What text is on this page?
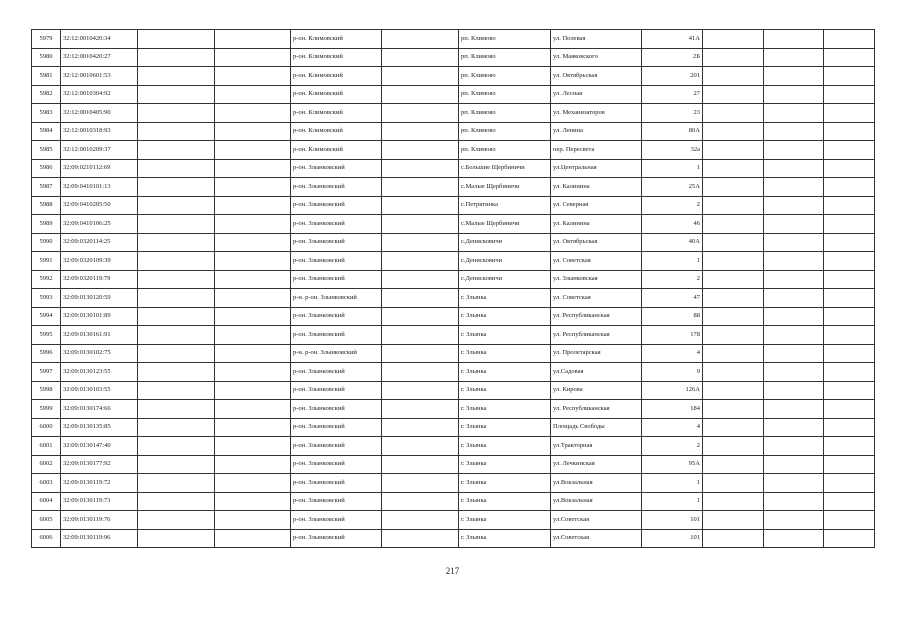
5979	32:12:0010420:34			р-он. Климовский		рп. Климово	ул. Полевая	41А			
5980	32:12:0010420:27			р-он. Климовский		рп. Климово	ул. Маяковского	2Б			
5981	32:12:0010601:53			р-он. Климовский		рп. Климово	ул. Октябрьская	201			
5982	32:12:0010304:92			р-он. Климовский		рп. Климово	ул. Лесная	27			
5983	32:12:0010405:90			р-он. Климовский		рп. Климово	ул. Механизаторов	23			
5984	32:12:0010318:93			р-он. Климовский		рп. Климово	ул. Ленина	80А			
5985	32:12:0010209:37			р-он. Климовский		рп. Климово	пер. Пересвета	32а			
5986	32:09:0210112:69			р-он. Злынковский		с.Большие Щербиничи	ул.Центральная	1			
5987	32:09:0410101:13			р-он. Злынковский		с.Малые Щербиничи	ул. Калинина	25А			
5988	32:09:0410205:50			р-он. Злынковский		с.Петрятинка	ул. Северная	2			
5989	32:09:0410106:25			р-он. Злынковский		с.Малые Щербиничи	ул. Калинина	46			
5990	32:09:0320114:25			р-он. Злынковский		с.Денисковичи	ул. Октябрьская	40А			
5991	32:09:0320109:39			р-он. Злынковский		с.Денисковичи	ул. Советская	1			
5992	32:09:0320119:79			р-он. Злынковский		с.Денисковичи	ул. Злынковская	2			
5993	32:09:0130120:59			р-н. р-он. Злынковский		г. Злынка	ул. Советская	47			
5994	32:09:0130101:89			р-он. Злынковский		г. Злынка	ул. Республиканская	88			
5995	32:09:0130161:91			р-он. Злынковский		г. Злынка	ул. Республиканская	178			
5996	32:09:0130102:75			р-н. р-он. Злынковский		г. Злынка	ул. Пролетарская	4			
5997	32:09:0130123:55			р-он. Злынковский		г. Злынка	ул.Садовая	9			
5998	32:09:0130103:55			р-он. Злынковский		г. Злынка	ул. Кирова	126А			
5999	32:09:0130174:66			р-он. Злынковский		г. Злынка	ул. Республиканская	184			
6000	32:09:0130135:85			р-он. Злынковский		г. Злынка	Площадь Свободы	4			
6001	32:09:0130147:40			р-он. Злынковский		г. Злынка	ул.Тракторная	2			
6002	32:09:0130177:92			р-он. Злынковский		г. Злынка	ул. Лечкинская	95А			
6003	32:09:0130119:72			р-он. Злынковский		г. Злынка	ул.Вокзальная	1			
6004	32:09:0130119:73			р-он. Злынковский		г. Злынка	ул.Вокзальная	1			
6005	32:09:0130119:76			р-он. Злынковский		г. Злынка	ул.Советская	101			
6006	32:09:0130119:96			р-он. Злынковский		г. Злынка	ул.Советская	101			
217
